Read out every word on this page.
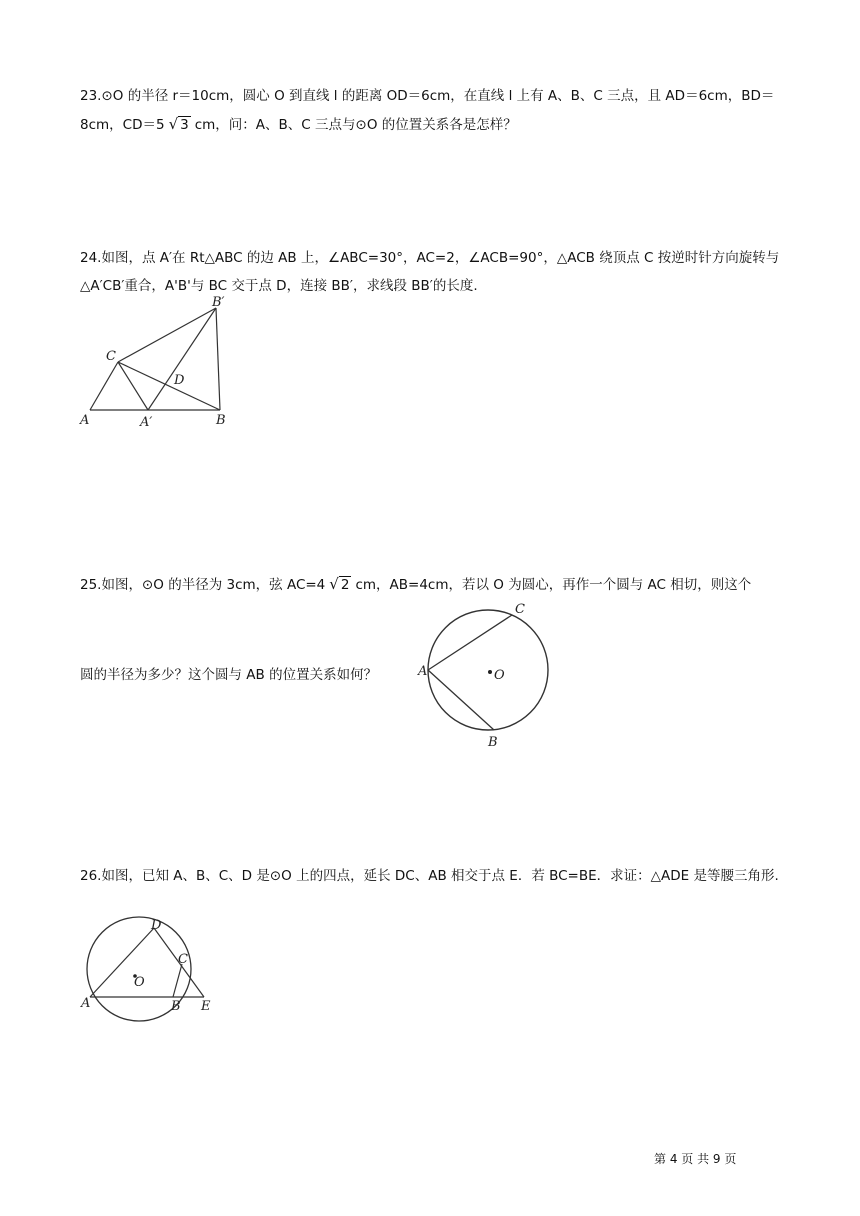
23.⊙O 的半径 r＝10cm，圆心 O 到直线 l 的距离 OD＝6cm，在直线 l 上有 A、B、C 三点，且 AD＝6cm，BD＝8cm，CD＝5 √ 3 cm，问：A、B、C 三点与⊙O 的位置关系各是怎样？
24.如图，点 A′在 Rt△ABC 的边 AB 上，∠ABC=30°，AC=2，∠ACB=90°，△ACB 绕顶点 C 按逆时针方向旋转与△A′CB′重合，A'B'与 BC 交于点 D，连接 BB′，求线段 BB′的长度.
A	A′	B
C
D
B′
25.如图，⊙O 的半径为 3cm，弦 AC=4 √ 2 cm，AB=4cm，若以 O 为圆心，再作一个圆与 AC 相切，则这个
圆的半径为多少？这个圆与 AB 的位置关系如何？	A
C
B
O
26.如图，已知 A、B、C、D 是⊙O 上的四点，延长 DC、AB 相交于点 E．若 BC=BE．求证：△ADE 是等腰三角形.
A	B
C
D
E
O
第 4 页 共 9 页
